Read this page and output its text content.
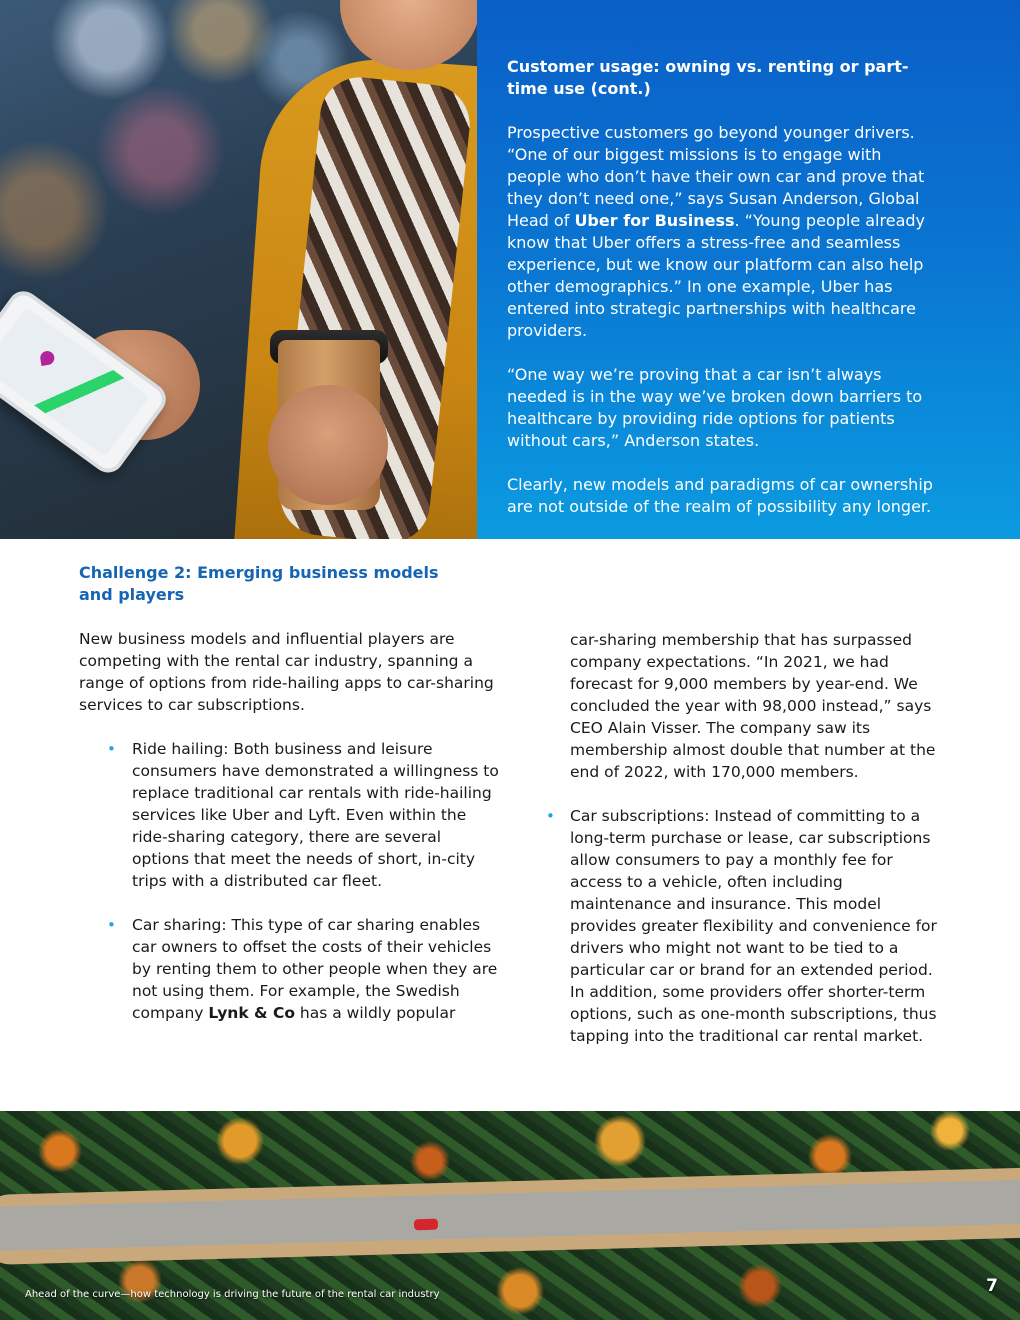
Customer usage: owning vs. renting or part-time use (cont.)

Prospective customers go beyond younger drivers. “One of our biggest missions is to engage with people who don’t have their own car and prove that they don’t need one,” says Susan Anderson, Global Head of Uber for Business. “Young people already know that Uber offers a stress-free and seamless experience, but we know our platform can also help other demographics.” In one example, Uber has entered into strategic partnerships with healthcare providers.

“One way we’re proving that a car isn’t always needed is in the way we’ve broken down barriers to healthcare by providing ride options for patients without cars,” Anderson states.

Clearly, new models and paradigms of car ownership are not outside of the realm of possibility any longer.

Challenge 2: Emerging business models and players

New business models and influential players are competing with the rental car industry, spanning a range of options from ride-hailing apps to car-sharing services to car subscriptions.

• Ride hailing: Both business and leisure consumers have demonstrated a willingness to replace traditional car rentals with ride-hailing services like Uber and Lyft. Even within the ride-sharing category, there are several options that meet the needs of short, in-city trips with a distributed car fleet.
• Car sharing: This type of car sharing enables car owners to offset the costs of their vehicles by renting them to other people when they are not using them. For example, the Swedish company Lynk & Co has a wildly popular

car-sharing membership that has surpassed company expectations. “In 2021, we had forecast for 9,000 members by year-end. We concluded the year with 98,000 instead,” says CEO Alain Visser. The company saw its membership almost double that number at the end of 2022, with 170,000 members.

• Car subscriptions: Instead of committing to a long-term purchase or lease, car subscriptions allow consumers to pay a monthly fee for access to a vehicle, often including maintenance and insurance. This model provides greater flexibility and convenience for drivers who might not want to be tied to a particular car or brand for an extended period. In addition, some providers offer shorter-term options, such as one-month subscriptions, thus tapping into the traditional car rental market.

Ahead of the curve—how technology is driving the future of the rental car industry	7
